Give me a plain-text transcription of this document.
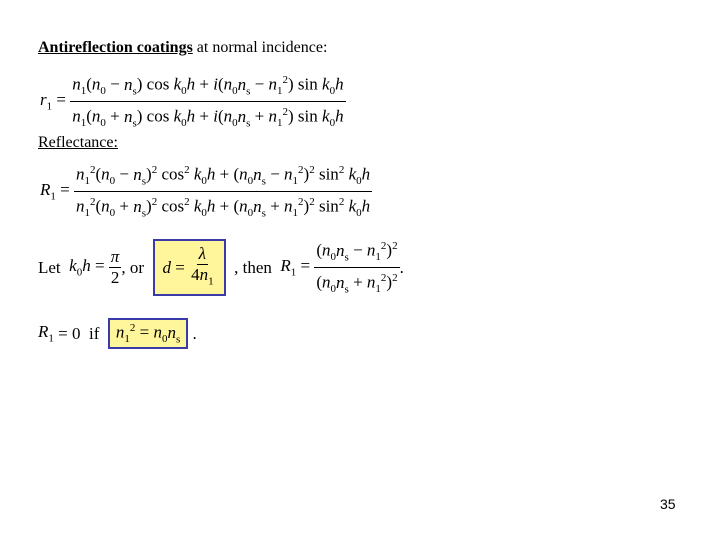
Antireflection coatings at normal incidence:
$r_1 = \frac{n_1(n_0 - n_s) \cos k_0h + i(n_0n_s - n_1^2) \sin k_0h}{n_1(n_0 + n_s) \cos k_0h + i(n_0n_s + n_1^2) \sin k_0h}$
Reflectance:
$R_1 = \frac{n_1^2(n_0 - n_s)^2 \cos^2 k_0h + (n_0n_s - n_1^2)^2 \sin^2 k_0h}{n_1^2(n_0 + n_s)^2 \cos^2 k_0h + (n_0n_s + n_1^2)^2 \sin^2 k_0h}$
Let $k_0h = \frac{\pi}{2}$ , or
$d = \frac{\lambda}{4n_1}$
, then $R_1 = \frac{(n_0n_s - n_1^2)^2}{(n_0n_s + n_1^2)^2}$ .
$R_1 = 0$
if
$n_1^2 = n_0n_s$ .
35
